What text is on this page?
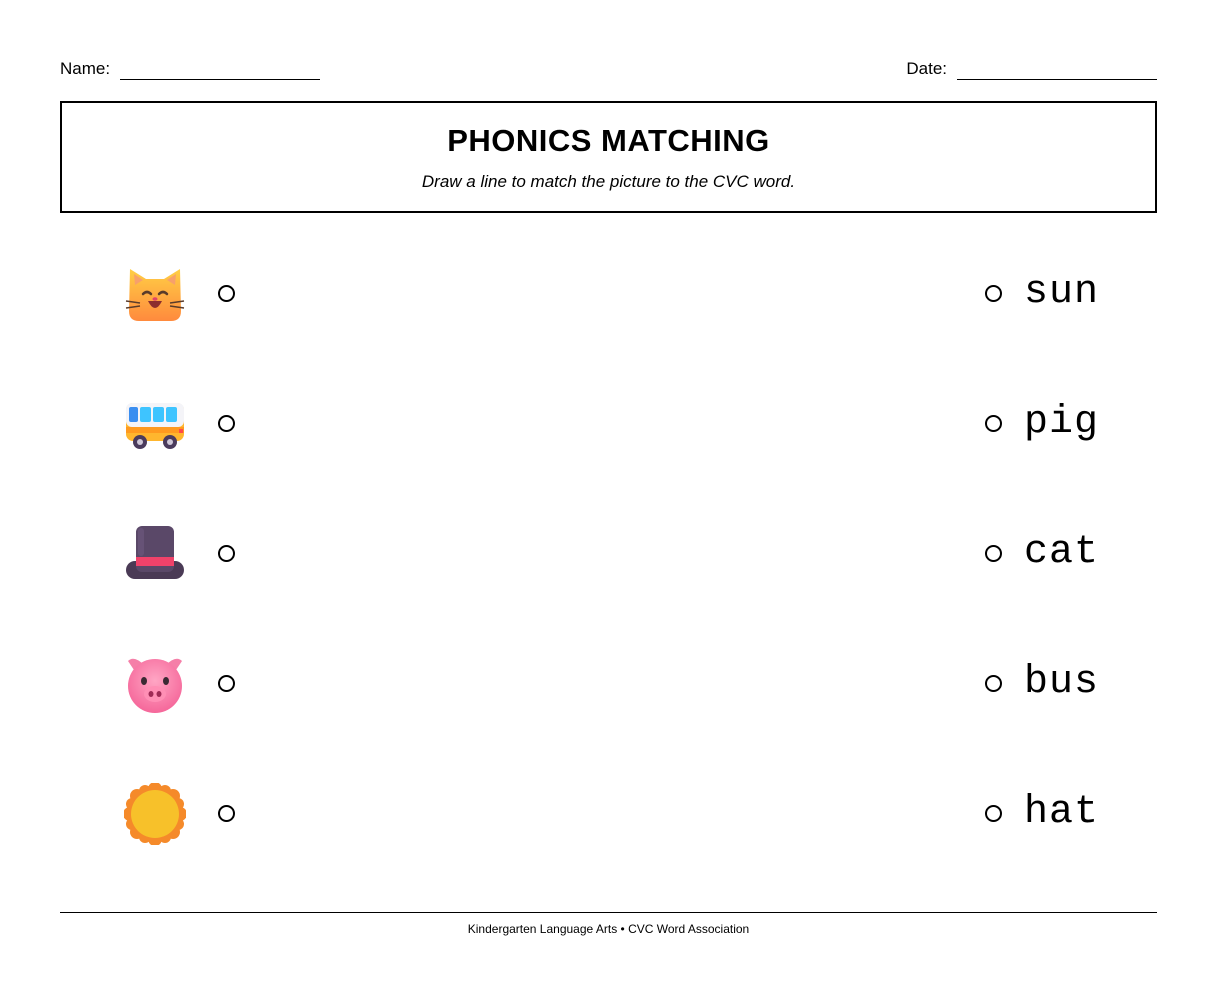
Name:	Date:
PHONICS MATCHING

Draw a line to match the picture to the CVC word.

sun
pig
cat
bus
hat
Kindergarten Language Arts • CVC Word Association
